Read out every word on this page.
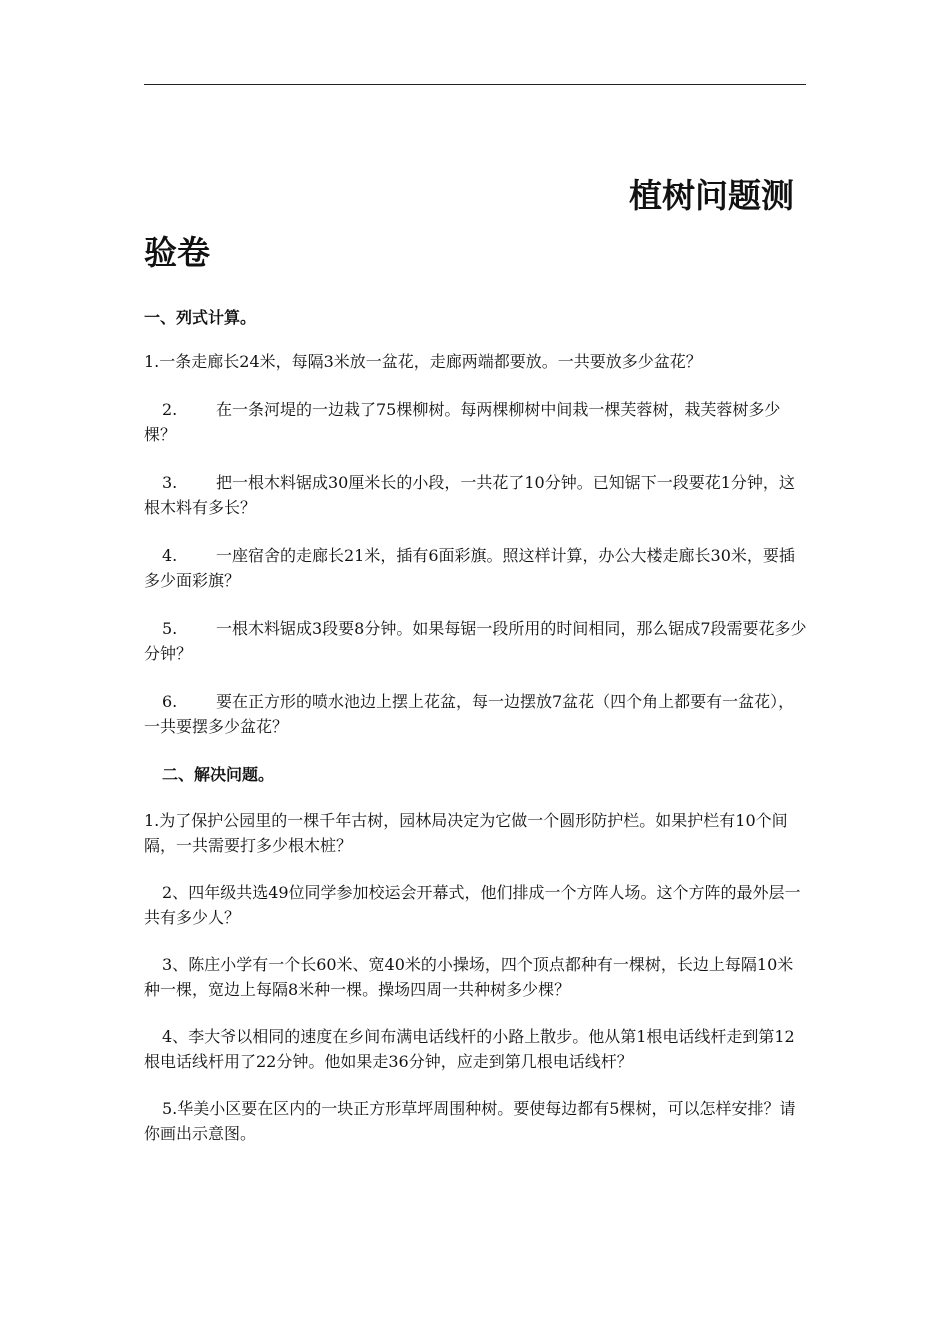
植树问题测
验卷
一、列式计算。
1.一条走廊长24米，每隔3米放一盆花，走廊两端都要放。一共要放多少盆花？
2. 在一条河堤的一边栽了75棵柳树。每两棵柳树中间栽一棵芙蓉树，栽芙蓉树多少棵？
3. 把一根木料锯成30厘米长的小段，一共花了10分钟。已知锯下一段要花1分钟，这根木料有多长？
4. 一座宿舍的走廊长21米，插有6面彩旗。照这样计算，办公大楼走廊长30米，要插多少面彩旗？
5. 一根木料锯成3段要8分钟。如果每锯一段所用的时间相同，那么锯成7段需要花多少分钟？
6. 要在正方形的喷水池边上摆上花盆，每一边摆放7盆花（四个角上都要有一盆花），一共要摆多少盆花？
二、解决问题。
1.为了保护公园里的一棵千年古树，园林局决定为它做一个圆形防护栏。如果护栏有10个间隔，一共需要打多少根木桩？
2、四年级共选49位同学参加校运会开幕式，他们排成一个方阵人场。这个方阵的最外层一共有多少人？
3、陈庄小学有一个长60米、宽40米的小操场，四个顶点都种有一棵树，长边上每隔10米种一棵，宽边上每隔8米种一棵。操场四周一共种树多少棵？
4、李大爷以相同的速度在乡间布满电话线杆的小路上散步。他从第1根电话线杆走到第12根电话线杆用了22分钟。他如果走36分钟，应走到第几根电话线杆？
5.华美小区要在区内的一块正方形草坪周围种树。要使每边都有5棵树，可以怎样安排？请你画出示意图。
